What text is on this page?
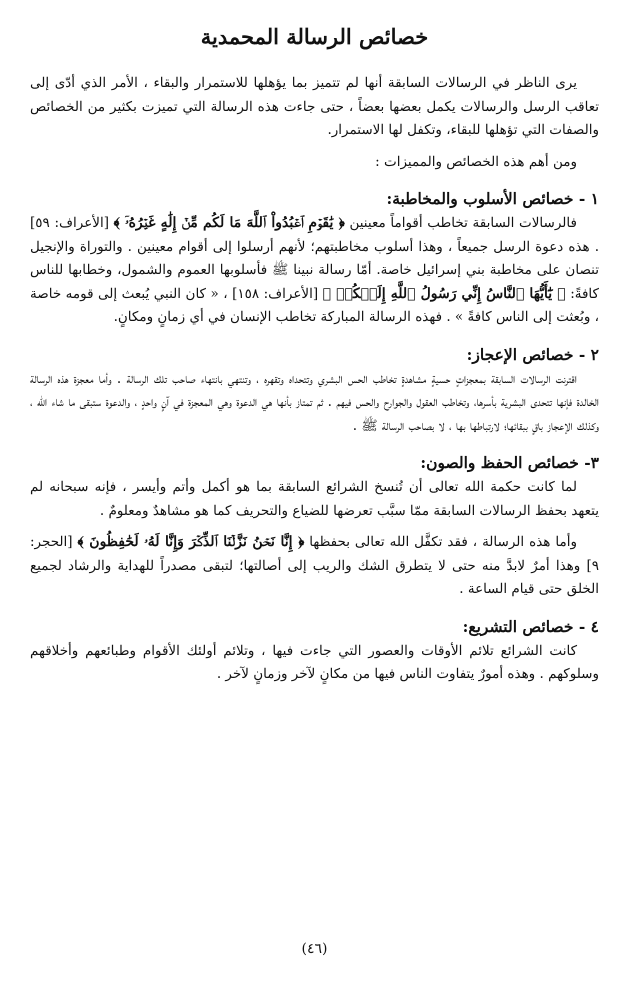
خصائص الرسالة المحمدية

يرى الناظر في الرسالات السابقة أنها لم تتميز بما يؤهلها للاستمرار والبقاء ، الأمر الذي أدّى إلى تعاقب الرسل والرسالات يكمل بعضها بعضاً ، حتى جاءت هذه الرسالة التي تميزت بكثير من الخصائص والصفات التي تؤهلها للبقاء، وتكفل لها الاستمرار.

ومن أهم هذه الخصائص والمميزات :

١ - خصائص الأسلوب والمخاطبة:

فالرسالات السابقة تخاطب أقواماً معينين ﴿ يَٰقَوۡمِ ٱعۡبُدُواْ ٱللَّهَ مَا لَكُم مِّنۡ إِلَٰهٍ غَيۡرُهُۥٓ ﴾ [الأعراف: ٥٩] . هذه دعوة الرسل جميعاً ، وهذا أسلوب مخاطبتهم؛ لأنهم أرسلوا إلى أقوام معينين . والتوراة والإنجيل تنصان على مخاطبة بني إسرائيل خاصة. أمّا رسالة نبينا ﷺ فأسلوبها العموم والشمول، وخطابها للناس كافةً: ﴿ يَٰٓأَيُّهَا ٱلنَّاسُ إِنِّي رَسُولُ ٱللَّهِ إِلَيۡكُمۡ ﴾ [الأعراف: ١٥٨] ، « كان النبي يُبعث إلى قومه خاصة ، وبُعثت إلى الناس كافةً » . فهذه الرسالة المباركة تخاطب الإنسان في أي زمانٍ ومكانٍ.

٢ - خصائص الإعجاز:

اقترنت الرسالات السابقة بمعجزاتٍ حسيةٍ مشاهدةٍ تخاطب الحس البشري وتتحداه وتقهره ، وتنتهي بانتهاء صاحب تلك الرسالة . وأما معجزة هذه الرسالة الخالدة فإنها تتحدى البشرية بأسرها، وتخاطب العقول والجوارح والحس فيهم . ثم تمتاز بأنها هي الدعوة وهي المعجزة في آنٍ واحدٍ ، والدعوة ستبقى ما شاء الله ، وكذلك الإعجاز باقٍ ببقائها؛ لارتباطها بها ، لا بصاحب الرسالة ﷺ .

٣- خصائص الحفظ والصون:

لما كانت حكمة الله تعالى أن تُنسخ الشرائع السابقة بما هو أكمل وأتم وأيسر ، فإنه سبحانه لم يتعهد بحفظ الرسالات السابقة ممّا سبَّب تعرضها للضياع والتحريف كما هو مشاهدٌ ومعلومٌ .

وأما هذه الرسالة ، فقد تكفَّل الله تعالى بحفظها ﴿ إِنَّا نَحۡنُ نَزَّلۡنَا ٱلذِّكۡرَ وَإِنَّا لَهُۥ لَحَٰفِظُونَ ﴾ [الحجر: ٩] وهذا أمرٌ لابدَّ منه حتى لا يتطرق الشك والريب إلى أصالتها؛ لتبقى مصدراً للهداية والرشاد لجميع الخلق حتى قيام الساعة .

٤ - خصائص التشريع:

كانت الشرائع تلائم الأوقات والعصور التي جاءت فيها ، وتلائم أولئك الأقوام وطبائعهم وأخلاقهم وسلوكهم . وهذه أمورٌ يتفاوت الناس فيها من مكانٍ لآخر وزمانٍ لآخر .

(٤٦)
